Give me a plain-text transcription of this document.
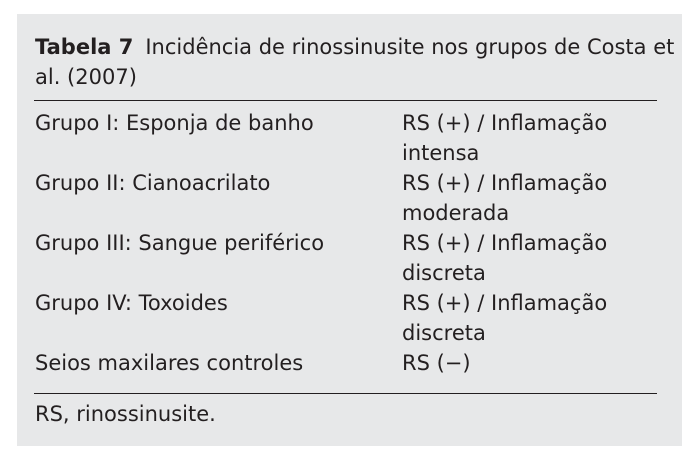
Tabela 7 Incidência de rinossinusite nos grupos de Costa et al. (2007)
Grupo I: Esponja de banho	RS (+) / Inflamação
intensa
Grupo II: Cianoacrilato	RS (+) / Inflamação
moderada
Grupo III: Sangue periférico	RS (+) / Inflamação
discreta
Grupo IV: Toxoides	RS (+) / Inflamação
discreta
Seios maxilares controles	RS (−)
RS, rinossinusite.
